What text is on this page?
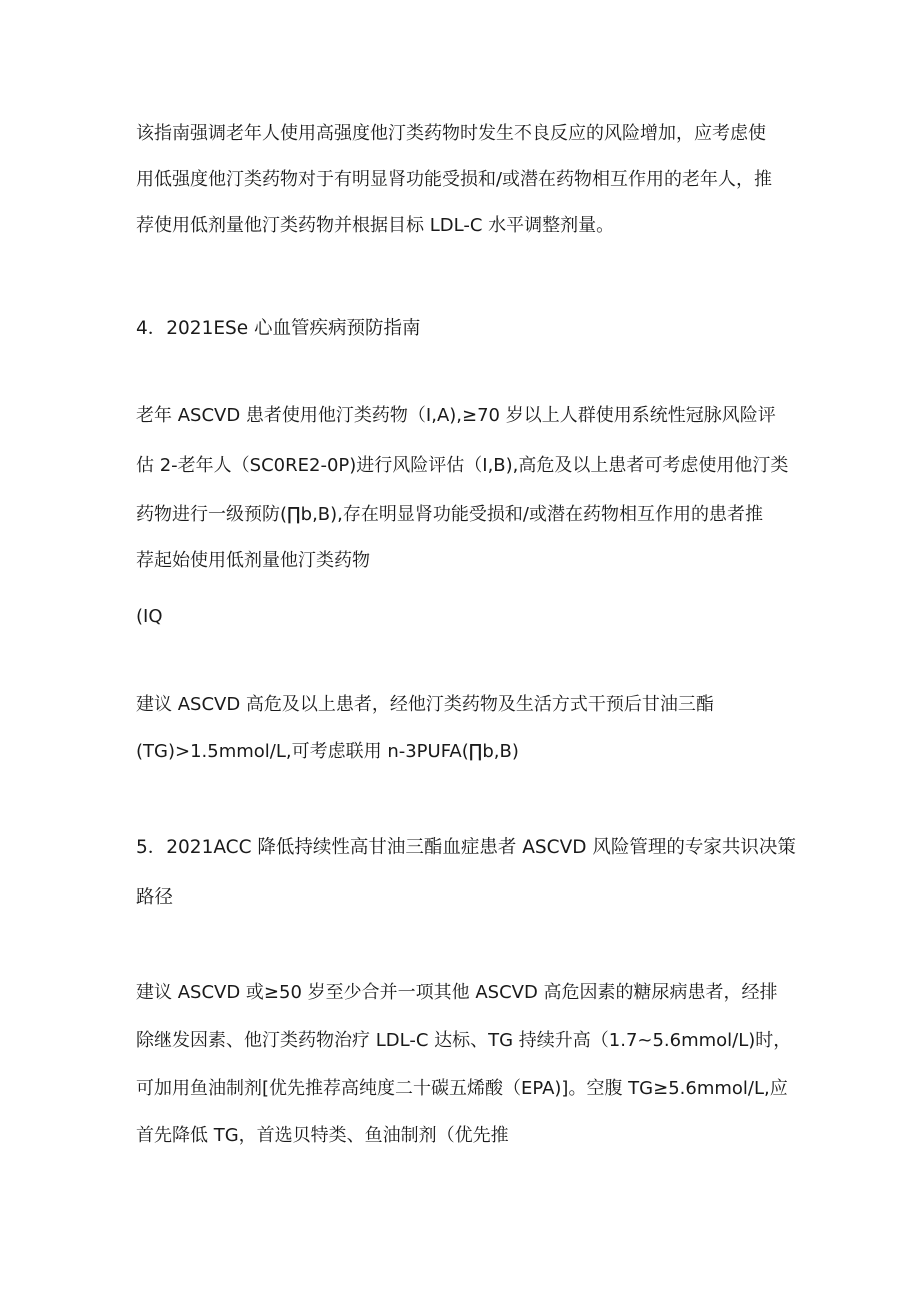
该指南强调老年人使用高强度他汀类药物时发生不良反应的风险增加，应考虑使
用低强度他汀类药物对于有明显肾功能受损和/或潜在药物相互作用的老年人，推
荐使用低剂量他汀类药物并根据目标 LDL-C 水平调整剂量。
4．2021ESe 心血管疾病预防指南
老年 ASCVD 患者使用他汀类药物（I,A),≥70 岁以上人群使用系统性冠脉风险评
估 2-老年人（SC0RE2-0P)进行风险评估（I,B),高危及以上患者可考虑使用他汀类
药物进行一级预防(∏b,B),存在明显肾功能受损和/或潜在药物相互作用的患者推
荐起始使用低剂量他汀类药物
(IQ
建议 ASCVD 高危及以上患者，经他汀类药物及生活方式干预后甘油三酯
(TG)>1.5mmol/L,可考虑联用 n-3PUFA(∏b,B)
5．2021ACC 降低持续性高甘油三酯血症患者 ASCVD 风险管理的专家共识决策
路径
建议 ASCVD 或≥50 岁至少合并一项其他 ASCVD 高危因素的糖尿病患者，经排
除继发因素、他汀类药物治疗 LDL-C 达标、TG 持续升高（1.7~5.6mmol/L)时，
可加用鱼油制剂[优先推荐高纯度二十碳五烯酸（EPA)]。空腹 TG≥5.6mmol/L,应
首先降低 TG，首选贝特类、鱼油制剂（优先推
